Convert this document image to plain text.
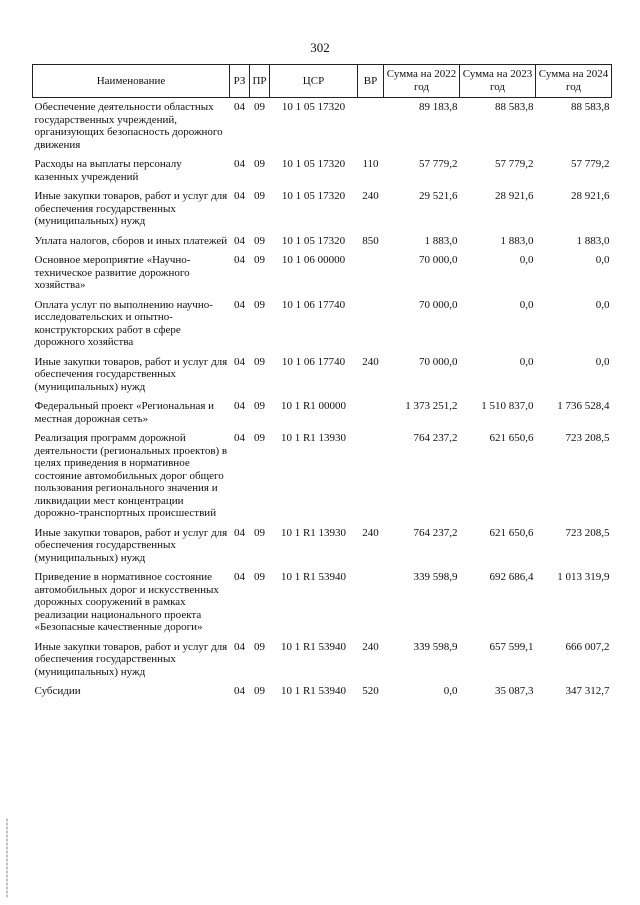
302
Наименование	РЗ	ПР	ЦСР	ВР	Сумма на 2022 год	Сумма на 2023 год	Сумма на 2024 год
Обеспечение деятельности областных государственных учреждений, организующих безопасность дорожного движения	04	09	10 1 05 17320		89 183,8	88 583,8	88 583,8
Расходы на выплаты персоналу казенных учреждений	04	09	10 1 05 17320	110	57 779,2	57 779,2	57 779,2
Иные закупки товаров, работ и услуг для обеспечения государственных (муниципальных) нужд	04	09	10 1 05 17320	240	29 521,6	28 921,6	28 921,6
Уплата налогов, сборов и иных платежей	04	09	10 1 05 17320	850	1 883,0	1 883,0	1 883,0
Основное мероприятие «Научно-техническое развитие дорожного хозяйства»	04	09	10 1 06 00000		70 000,0	0,0	0,0
Оплата услуг по выполнению научно-исследовательских и опытно-конструкторских работ в сфере дорожного хозяйства	04	09	10 1 06 17740		70 000,0	0,0	0,0
Иные закупки товаров, работ и услуг для обеспечения государственных (муниципальных) нужд	04	09	10 1 06 17740	240	70 000,0	0,0	0,0
Федеральный проект «Региональная и местная дорожная сеть»	04	09	10 1 R1 00000		1 373 251,2	1 510 837,0	1 736 528,4
Реализация программ дорожной деятельности (региональных проектов) в целях приведения в нормативное состояние автомобильных дорог общего пользования регионального значения и ликвидации мест концентрации дорожно-транспортных происшествий	04	09	10 1 R1 13930		764 237,2	621 650,6	723 208,5
Иные закупки товаров, работ и услуг для обеспечения государственных (муниципальных) нужд	04	09	10 1 R1 13930	240	764 237,2	621 650,6	723 208,5
Приведение в нормативное состояние автомобильных дорог и искусственных дорожных сооружений в рамках реализации национального проекта «Безопасные качественные дороги»	04	09	10 1 R1 53940		339 598,9	692 686,4	1 013 319,9
Иные закупки товаров, работ и услуг для обеспечения государственных (муниципальных) нужд	04	09	10 1 R1 53940	240	339 598,9	657 599,1	666 007,2
Субсидии	04	09	10 1 R1 53940	520	0,0	35 087,3	347 312,7
